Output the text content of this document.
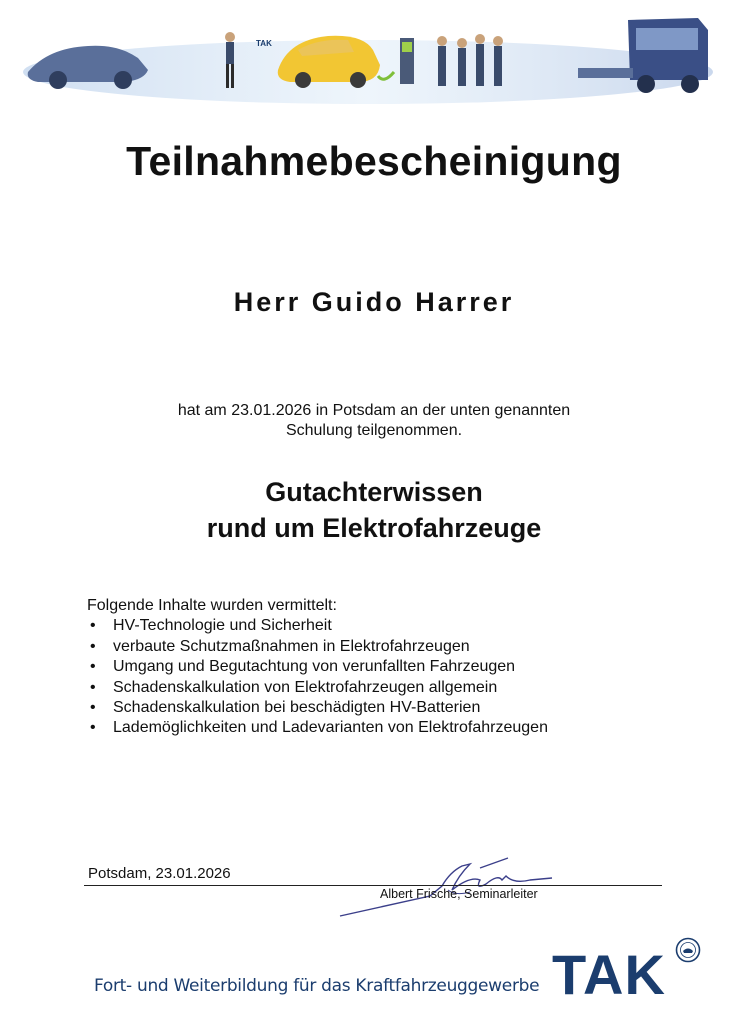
TAK
Teilnahmebescheinigung
Herr Guido Harrer
hat am 23.01.2026 in Potsdam an der unten genannten
Schulung teilgenommen.
Gutachterwissen
rund um Elektrofahrzeuge
Folgende Inhalte wurden vermittelt:
• HV-Technologie und Sicherheit
• verbaute Schutzmaßnahmen in Elektrofahrzeugen
• Umgang und Begutachtung von verunfallten Fahrzeugen
• Schadenskalkulation von Elektrofahrzeugen allgemein
• Schadenskalkulation bei beschädigten HV-Batterien
• Lademöglichkeiten und Ladevarianten von Elektrofahrzeugen
Potsdam, 23.01.2026
Albert Frische, Seminarleiter
Fort- und Weiterbildung für das Kraftfahrzeuggewerbe TAK
